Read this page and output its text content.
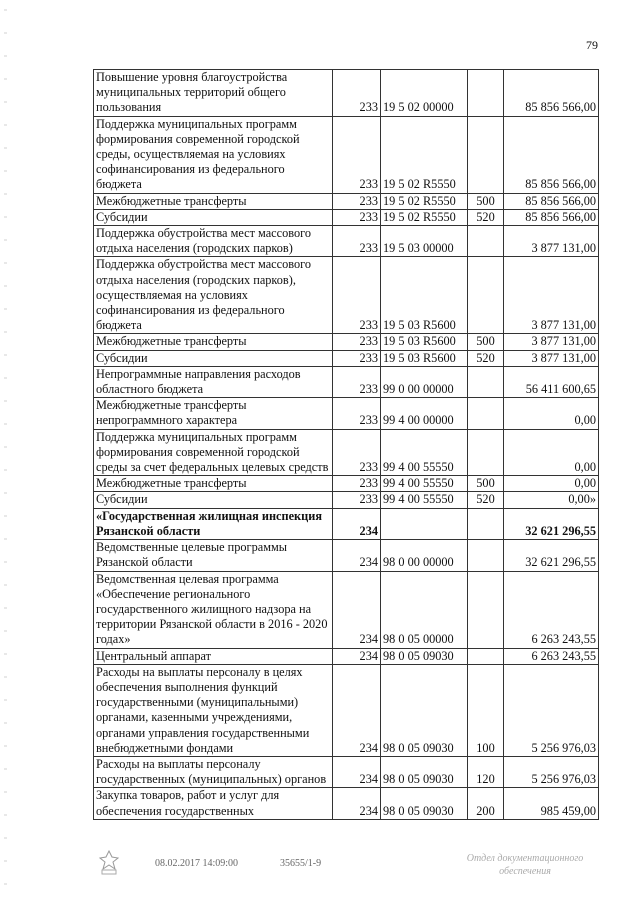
79
Повышение уровня благоустройства муниципальных территорий общего пользования	233	19 5 02 00000		85 856 566,00
Поддержка муниципальных программ формирования современной городской среды, осуществляемая на условиях софинансирования из федерального бюджета	233	19 5 02 R5550		85 856 566,00
Межбюджетные трансферты	233	19 5 02 R5550	500	85 856 566,00
Субсидии	233	19 5 02 R5550	520	85 856 566,00
Поддержка обустройства мест массового отдыха населения (городских парков)	233	19 5 03 00000		3 877 131,00
Поддержка обустройства мест массового отдыха населения (городских парков), осуществляемая на условиях софинансирования из федерального бюджета	233	19 5 03 R5600		3 877 131,00
Межбюджетные трансферты	233	19 5 03 R5600	500	3 877 131,00
Субсидии	233	19 5 03 R5600	520	3 877 131,00
Непрограммные направления расходов областного бюджета	233	99 0 00 00000		56 411 600,65
Межбюджетные трансферты непрограммного характера	233	99 4 00 00000		0,00
Поддержка муниципальных программ формирования современной городской среды за счет федеральных целевых средств	233	99 4 00 55550		0,00
Межбюджетные трансферты	233	99 4 00 55550	500	0,00
Субсидии	233	99 4 00 55550	520	0,00»
«Государственная жилищная инспекция Рязанской области	234			32 621 296,55
Ведомственные целевые программы Рязанской области	234	98 0 00 00000		32 621 296,55
Ведомственная целевая программа «Обеспечение регионального государственного жилищного надзора на территории Рязанской области в 2016 - 2020 годах»	234	98 0 05 00000		6 263 243,55
Центральный аппарат	234	98 0 05 09030		6 263 243,55
Расходы на выплаты персоналу в целях обеспечения выполнения функций государственными (муниципальными) органами, казенными учреждениями, органами управления государственными внебюджетными фондами	234	98 0 05 09030	100	5 256 976,03
Расходы на выплаты персоналу государственных (муниципальных) органов	234	98 0 05 09030	120	5 256 976,03
Закупка товаров, работ и услуг для обеспечения государственных	234	98 0 05 09030	200	985 459,00
08.02.2017 14:09:00	35655/1-9	Отдел документационного
обеспечения
